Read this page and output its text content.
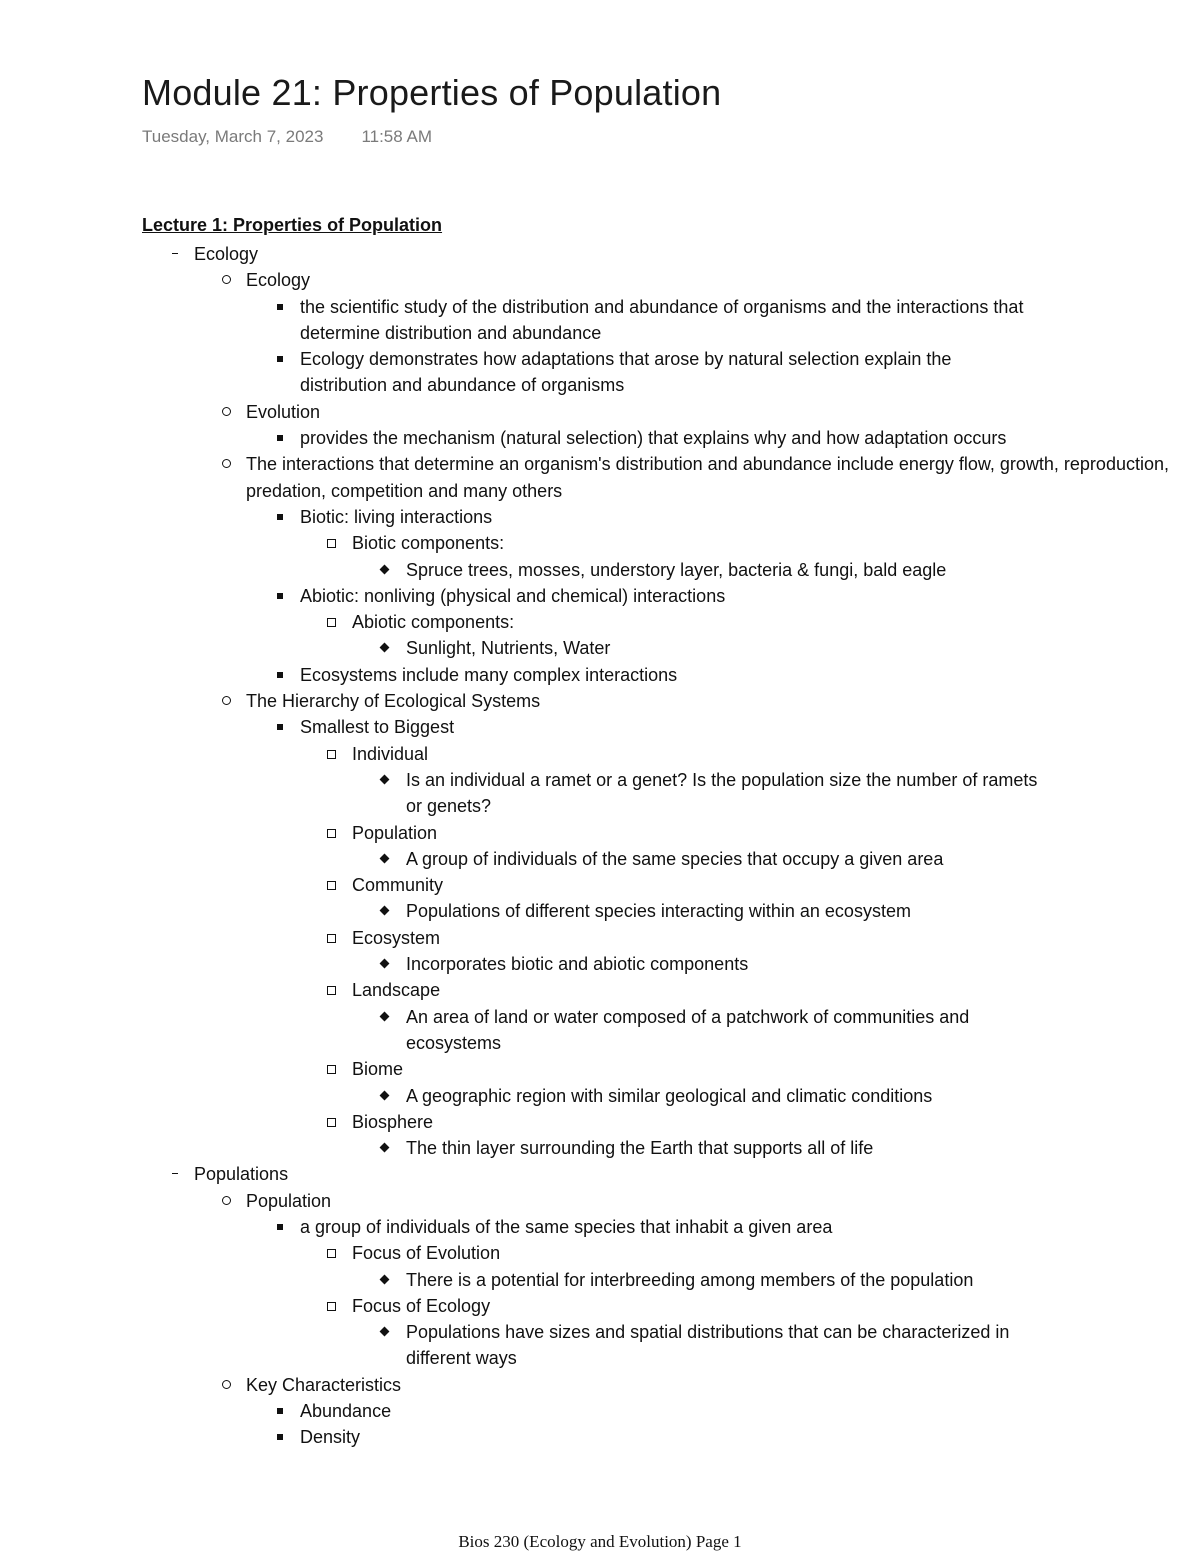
Module 21: Properties of Population
Tuesday, March 7, 2023 11:58 AM
Lecture 1: Properties of Population
Ecology
Ecology
the scientific study of the distribution and abundance of organisms and the interactions that determine distribution and abundance
Ecology demonstrates how adaptations that arose by natural selection explain the distribution and abundance of organisms
Evolution
provides the mechanism (natural selection) that explains why and how adaptation occurs
The interactions that determine an organism's distribution and abundance include energy flow, growth, reproduction, predation, competition and many others
Biotic: living interactions
Biotic components:
Spruce trees, mosses, understory layer, bacteria & fungi, bald eagle
Abiotic: nonliving (physical and chemical) interactions
Abiotic components:
Sunlight, Nutrients, Water
Ecosystems include many complex interactions
The Hierarchy of Ecological Systems
Smallest to Biggest
Individual
Is an individual a ramet or a genet? Is the population size the number of ramets or genets?
Population
A group of individuals of the same species that occupy a given area
Community
Populations of different species interacting within an ecosystem
Ecosystem
Incorporates biotic and abiotic components
Landscape
An area of land or water composed of a patchwork of communities and ecosystems
Biome
A geographic region with similar geological and climatic conditions
Biosphere
The thin layer surrounding the Earth that supports all of life
Populations
Population
a group of individuals of the same species that inhabit a given area
Focus of Evolution
There is a potential for interbreeding among members of the population
Focus of Ecology
Populations have sizes and spatial distributions that can be characterized in different ways
Key Characteristics
Abundance
Density
Bios 230 (Ecology and Evolution) Page 1
